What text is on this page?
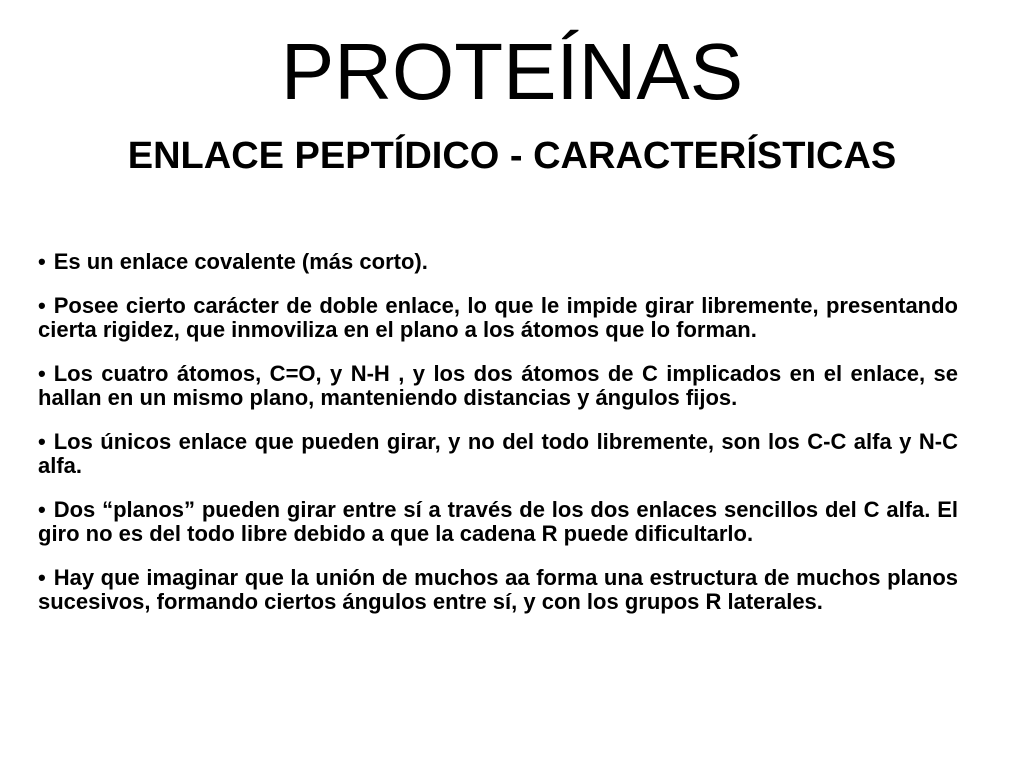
PROTEÍNAS
ENLACE PEPTÍDICO - CARACTERÍSTICAS
• Es un enlace covalente (más corto).
• Posee cierto carácter de doble enlace, lo que le impide girar libremente, presentando cierta rigidez, que inmoviliza en el plano a los átomos que lo forman.
• Los cuatro átomos, C=O, y N-H , y los dos átomos de C implicados en el enlace, se hallan en un mismo plano, manteniendo distancias y ángulos fijos.
• Los únicos enlace que pueden girar, y no del todo libremente, son los C-C alfa y N-C alfa.
• Dos “planos” pueden girar entre sí a través de los dos enlaces sencillos del C alfa. El giro no es del todo libre debido a que la cadena R puede dificultarlo.
• Hay que imaginar que la unión de muchos aa forma una estructura de muchos planos sucesivos, formando ciertos ángulos entre sí, y con los grupos R laterales.
